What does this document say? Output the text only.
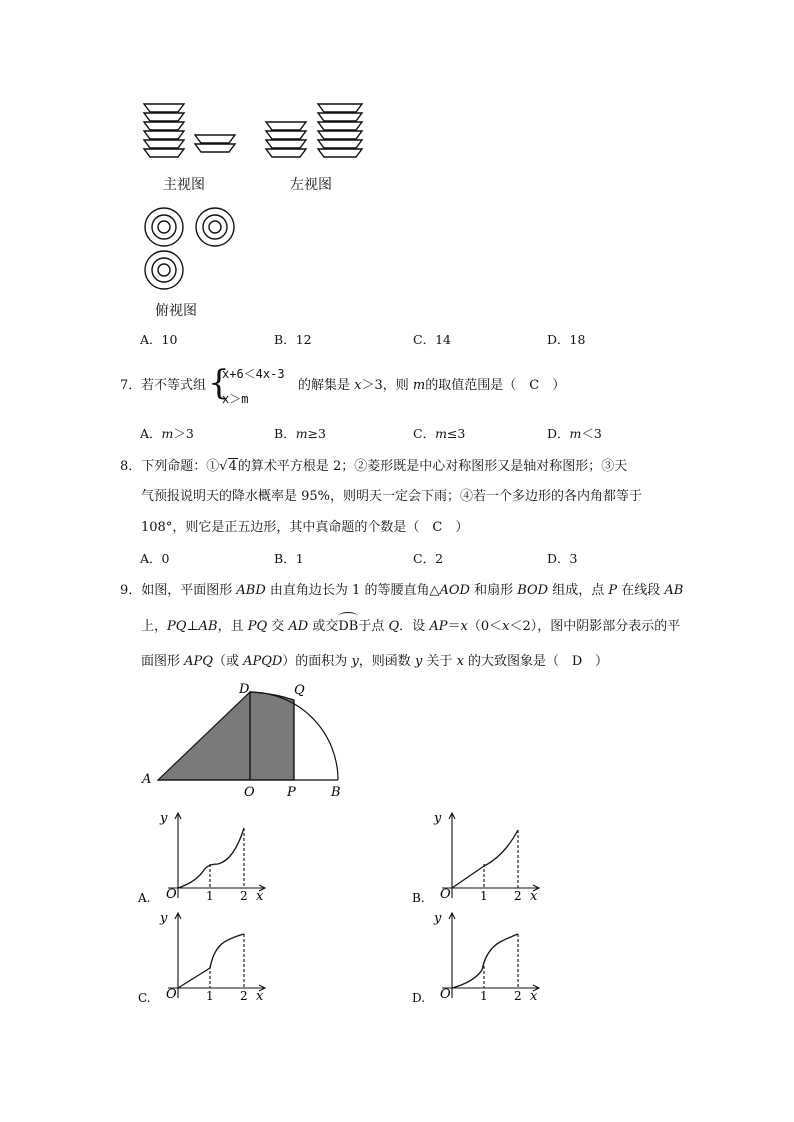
主视图	左视图
俯视图
A．10	B．12	C．14	D．18
7． 若不等式组 {
x+6＜4x-3
x＞m
的解集是 x＞3，则 m的取值范围是（ C ）
A．m＞3	B．m≥3	C．m≤3	D．m＜3
8．下列命题：①√4的算术平方根是 2；②菱形既是中心对称图形又是轴对称图形；③天
气预报说明天的降水概率是 95%，则明天一定会下雨；④若一个多边形的各内角都等于
108°，则它是正五边形，其中真命题的个数是（ C ）
A．0	B．1	C．2	D．3
9．如图，平面图形 ABD 由直角边长为 1 的等腰直角△AOD 和扇形 BOD 组成，点 P 在线段 AB
上，PQ⊥AB，且 PQ 交 AD 或交DB于点 Q．设 AP＝x（0＜x＜2），图中阴影部分表示的平
面图形 APQ（或 APQD）的面积为 y，则函数 y 关于 x 的大致图象是（ D ）
A
D	Q
O P	B
y
O 1 2 x
A.
y
O 1 2 x
B.
y
O 1 2 x
C.
y
O 1 2 x
D.
